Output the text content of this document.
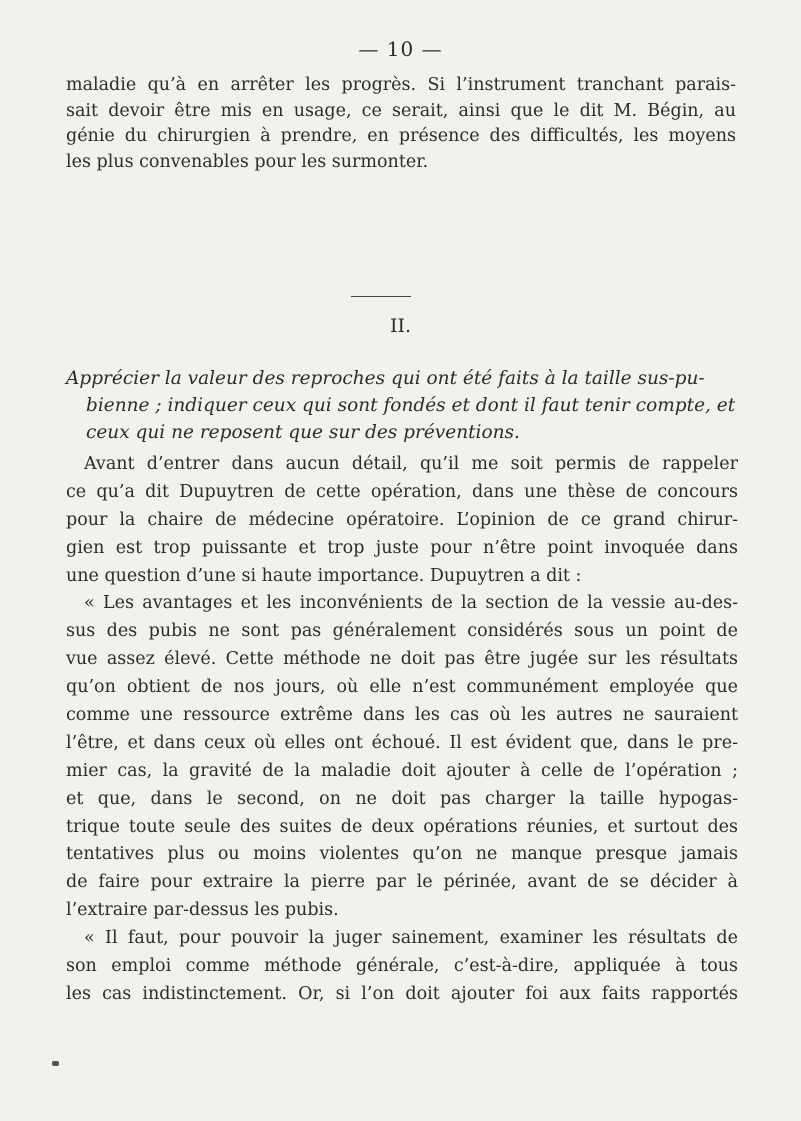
— 10 —
maladie qu’à en arrêter les progrès. Si l’instrument tranchant parais-
sait devoir être mis en usage, ce serait, ainsi que le dit M. Bégin, au
génie du chirurgien à prendre, en présence des difficultés, les moyens
les plus convenables pour les surmonter.
II.
Apprécier la valeur des reproches qui ont été faits à la taille sus-pu-
bienne ; indiquer ceux qui sont fondés et dont il faut tenir compte, et
ceux qui ne reposent que sur des préventions.
Avant d’entrer dans aucun détail, qu’il me soit permis de rappeler
ce qu’a dit Dupuytren de cette opération, dans une thèse de concours
pour la chaire de médecine opératoire. L’opinion de ce grand chirur-
gien est trop puissante et trop juste pour n’être point invoquée dans
une question d’une si haute importance. Dupuytren a dit :
« Les avantages et les inconvénients de la section de la vessie au-des-
sus des pubis ne sont pas généralement considérés sous un point de
vue assez élevé. Cette méthode ne doit pas être jugée sur les résultats
qu’on obtient de nos jours, où elle n’est communément employée que
comme une ressource extrême dans les cas où les autres ne sauraient
l’être, et dans ceux où elles ont échoué. Il est évident que, dans le pre-
mier cas, la gravité de la maladie doit ajouter à celle de l’opération ;
et que, dans le second, on ne doit pas charger la taille hypogas-
trique toute seule des suites de deux opérations réunies, et surtout des
tentatives plus ou moins violentes qu’on ne manque presque jamais
de faire pour extraire la pierre par le périnée, avant de se décider à
l’extraire par-dessus les pubis.
« Il faut, pour pouvoir la juger sainement, examiner les résultats de
son emploi comme méthode générale, c’est-à-dire, appliquée à tous
les cas indistinctement. Or, si l’on doit ajouter foi aux faits rapportés
